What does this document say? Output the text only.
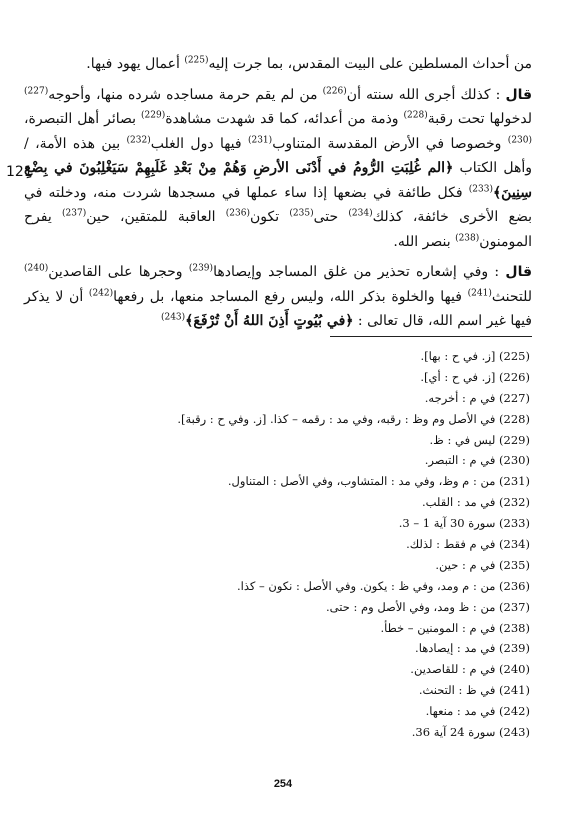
121

من أحداث المسلطين على البيت المقدس، بما جرت إليه$^{(225)}$ أعمال يهود فيها.

قال : كذلك أجرى الله سنته أن$^{(226)}$ من لم يقم حرمة مساجده شرده منها، وأحوجه$^{(227)}$ لدخولها تحت رقبة$^{(228)}$ وذمة من أعدائه، كما قد شهدت مشاهدة$^{(229)}$ بصائر أهل التبصرة،$^{(230)}$ وخصوصا في الأرض المقدسة المتناوب$^{(231)}$ فيها دول الغلب$^{(232)}$ بين هذه الأمة، / وأهل الكتاب ﴿الم غُلِبَتِ الرُّومُ في أَدْنَى الأرضِ وَهُمْ مِنْ بَعْدِ غَلَبِهِمْ سَيَغْلِبُونَ في بِضْعِ سِنِينَ﴾$^{(233)}$ فكل طائفة في بضعها إذا ساء عملها في مسجدها شردت منه، ودخلته في بضع الأخرى خائفة، كذلك$^{(234)}$ حتى$^{(235)}$ تكون$^{(236)}$ العاقبة للمتقين، حين$^{(237)}$ يفرح المومنون$^{(238)}$ بنصر الله.

قال : وفي إشعاره تحذير من غلق المساجد وإيصادها$^{(239)}$ وحجرها على القاصدين$^{(240)}$ للتحنث$^{(241)}$ فيها والخلوة بذكر الله، وليس رفع المساجد منعها، بل رفعها$^{(242)}$ أن لا يذكر فيها غير اسم الله، قال تعالى : ﴿في بُيُوتٍ أَذِنَ اللهُ أَنْ تُرْفَعَ﴾$^{(243)}$

(225) [ز. في ح : بها].
(226) [ز. في ح : أي].
(227) في م : أخرجه.
(228) في الأصل وم وظ : رقبه، وفي مد : رقمه – كذا. [ز. وفي ح : رقبة].
(229) ليس في : ظ.
(230) في م : التبصر.
(231) من : م وظ، وفي مد : المتشاوب، وفي الأصل : المتناول.
(232) في مد : القلب.
(233) سورة 30 آية 1 – 3.
(234) في م فقط : لذلك.
(235) في م : حين.
(236) من : م ومد، وفي ظ : يكون. وفي الأصل : نكون – كذا.
(237) من : ظ ومد، وفي الأصل وم : حتى.
(238) في م : المومنين – خطأ.
(239) في مد : إيصادها.
(240) في م : للقاصدين.
(241) في ظ : التحنث.
(242) في مد : منعها.
(243) سورة 24 آية 36.
254
